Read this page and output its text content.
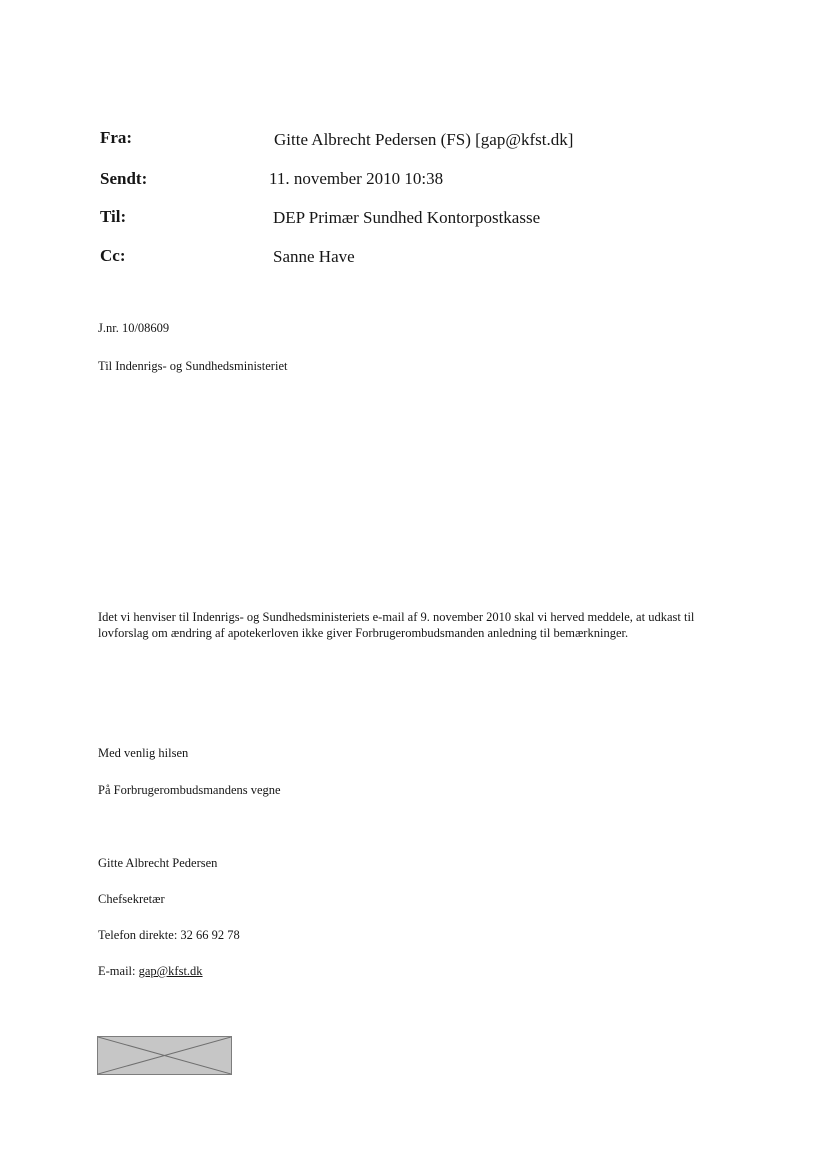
Fra:	Gitte Albrecht Pedersen (FS) [gap@kfst.dk]
Sendt:	11. november 2010 10:38
Til:	DEP Primær Sundhed Kontorpostkasse
Cc:	Sanne Have
J.nr. 10/08609
Til Indenrigs- og Sundhedsministeriet
Idet vi henviser til Indenrigs- og Sundhedsministeriets e-mail af 9. november 2010 skal vi herved meddele, at udkast til lovforslag om ændring af apotekerloven ikke giver Forbrugerombudsmanden anledning til bemærkninger.
Med venlig hilsen
På Forbrugerombudsmandens vegne
Gitte Albrecht Pedersen
Chefsekretær
Telefon direkte: 32 66 92 78
E-mail: gap@kfst.dk
